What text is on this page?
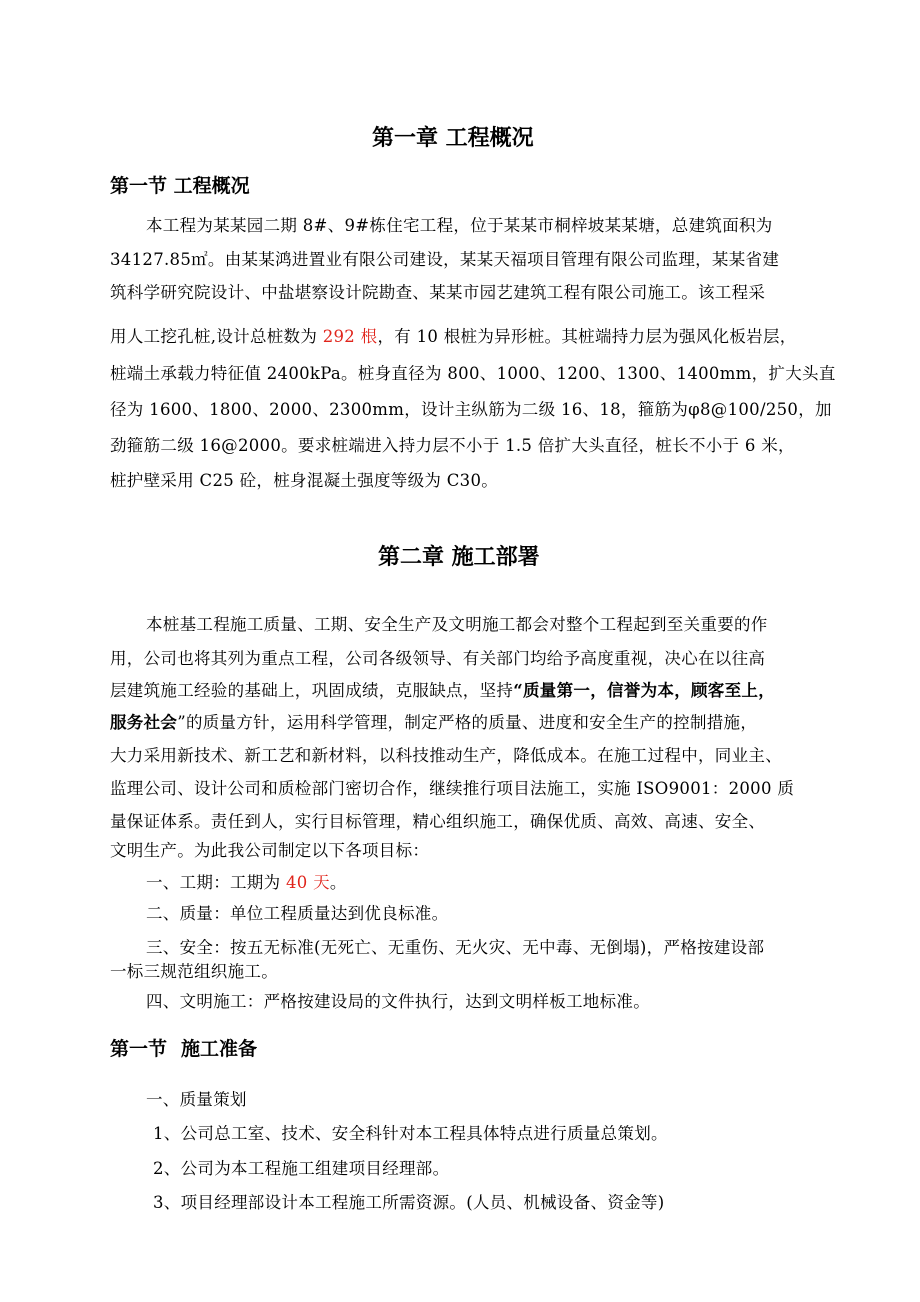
第一章 工程概况
第一节 工程概况
本工程为某某园二期 8#、9#栋住宅工程，位于某某市桐梓坡某某塘，总建筑面积为
34127.85㎡。由某某鸿进置业有限公司建设，某某天福项目管理有限公司监理，某某省建
筑科学研究院设计、中盐堪察设计院勘查、某某市园艺建筑工程有限公司施工。该工程采
用人工挖孔桩,设计总桩数为 292 根，有 10 根桩为异形桩。其桩端持力层为强风化板岩层，
桩端土承载力特征值 2400kPa。桩身直径为 800、1000、1200、1300、1400mm，扩大头直
径为 1600、1800、2000、2300mm，设计主纵筋为二级 16、18，箍筋为φ8@100/250，加
劲箍筋二级 16@2000。要求桩端进入持力层不小于 1.5 倍扩大头直径，桩长不小于 6 米，
桩护壁采用 C25 砼，桩身混凝土强度等级为 C30。
第二章 施工部署
本桩基工程施工质量、工期、安全生产及文明施工都会对整个工程起到至关重要的作
用，公司也将其列为重点工程，公司各级领导、有关部门均给予高度重视，决心在以往高
层建筑施工经验的基础上，巩固成绩，克服缺点，坚持“质量第一，信誉为本，顾客至上，
服务社会”的质量方针，运用科学管理，制定严格的质量、进度和安全生产的控制措施，
大力采用新技术、新工艺和新材料，以科技推动生产，降低成本。在施工过程中，同业主、
监理公司、设计公司和质检部门密切合作，继续推行项目法施工，实施 ISO9001：2000 质
量保证体系。责任到人，实行目标管理，精心组织施工，确保优质、高效、高速、安全、
文明生产。为此我公司制定以下各项目标：
一、工期：工期为 40 天。
二、质量：单位工程质量达到优良标准。
三、安全：按五无标准(无死亡、无重伤、无火灾、无中毒、无倒塌)，严格按建设部
一标三规范组织施工。
四、文明施工：严格按建设局的文件执行，达到文明样板工地标准。
第一节 施工准备
一、质量策划
1、公司总工室、技术、安全科针对本工程具体特点进行质量总策划。
2、公司为本工程施工组建项目经理部。
3、项目经理部设计本工程施工所需资源。(人员、机械设备、资金等)
